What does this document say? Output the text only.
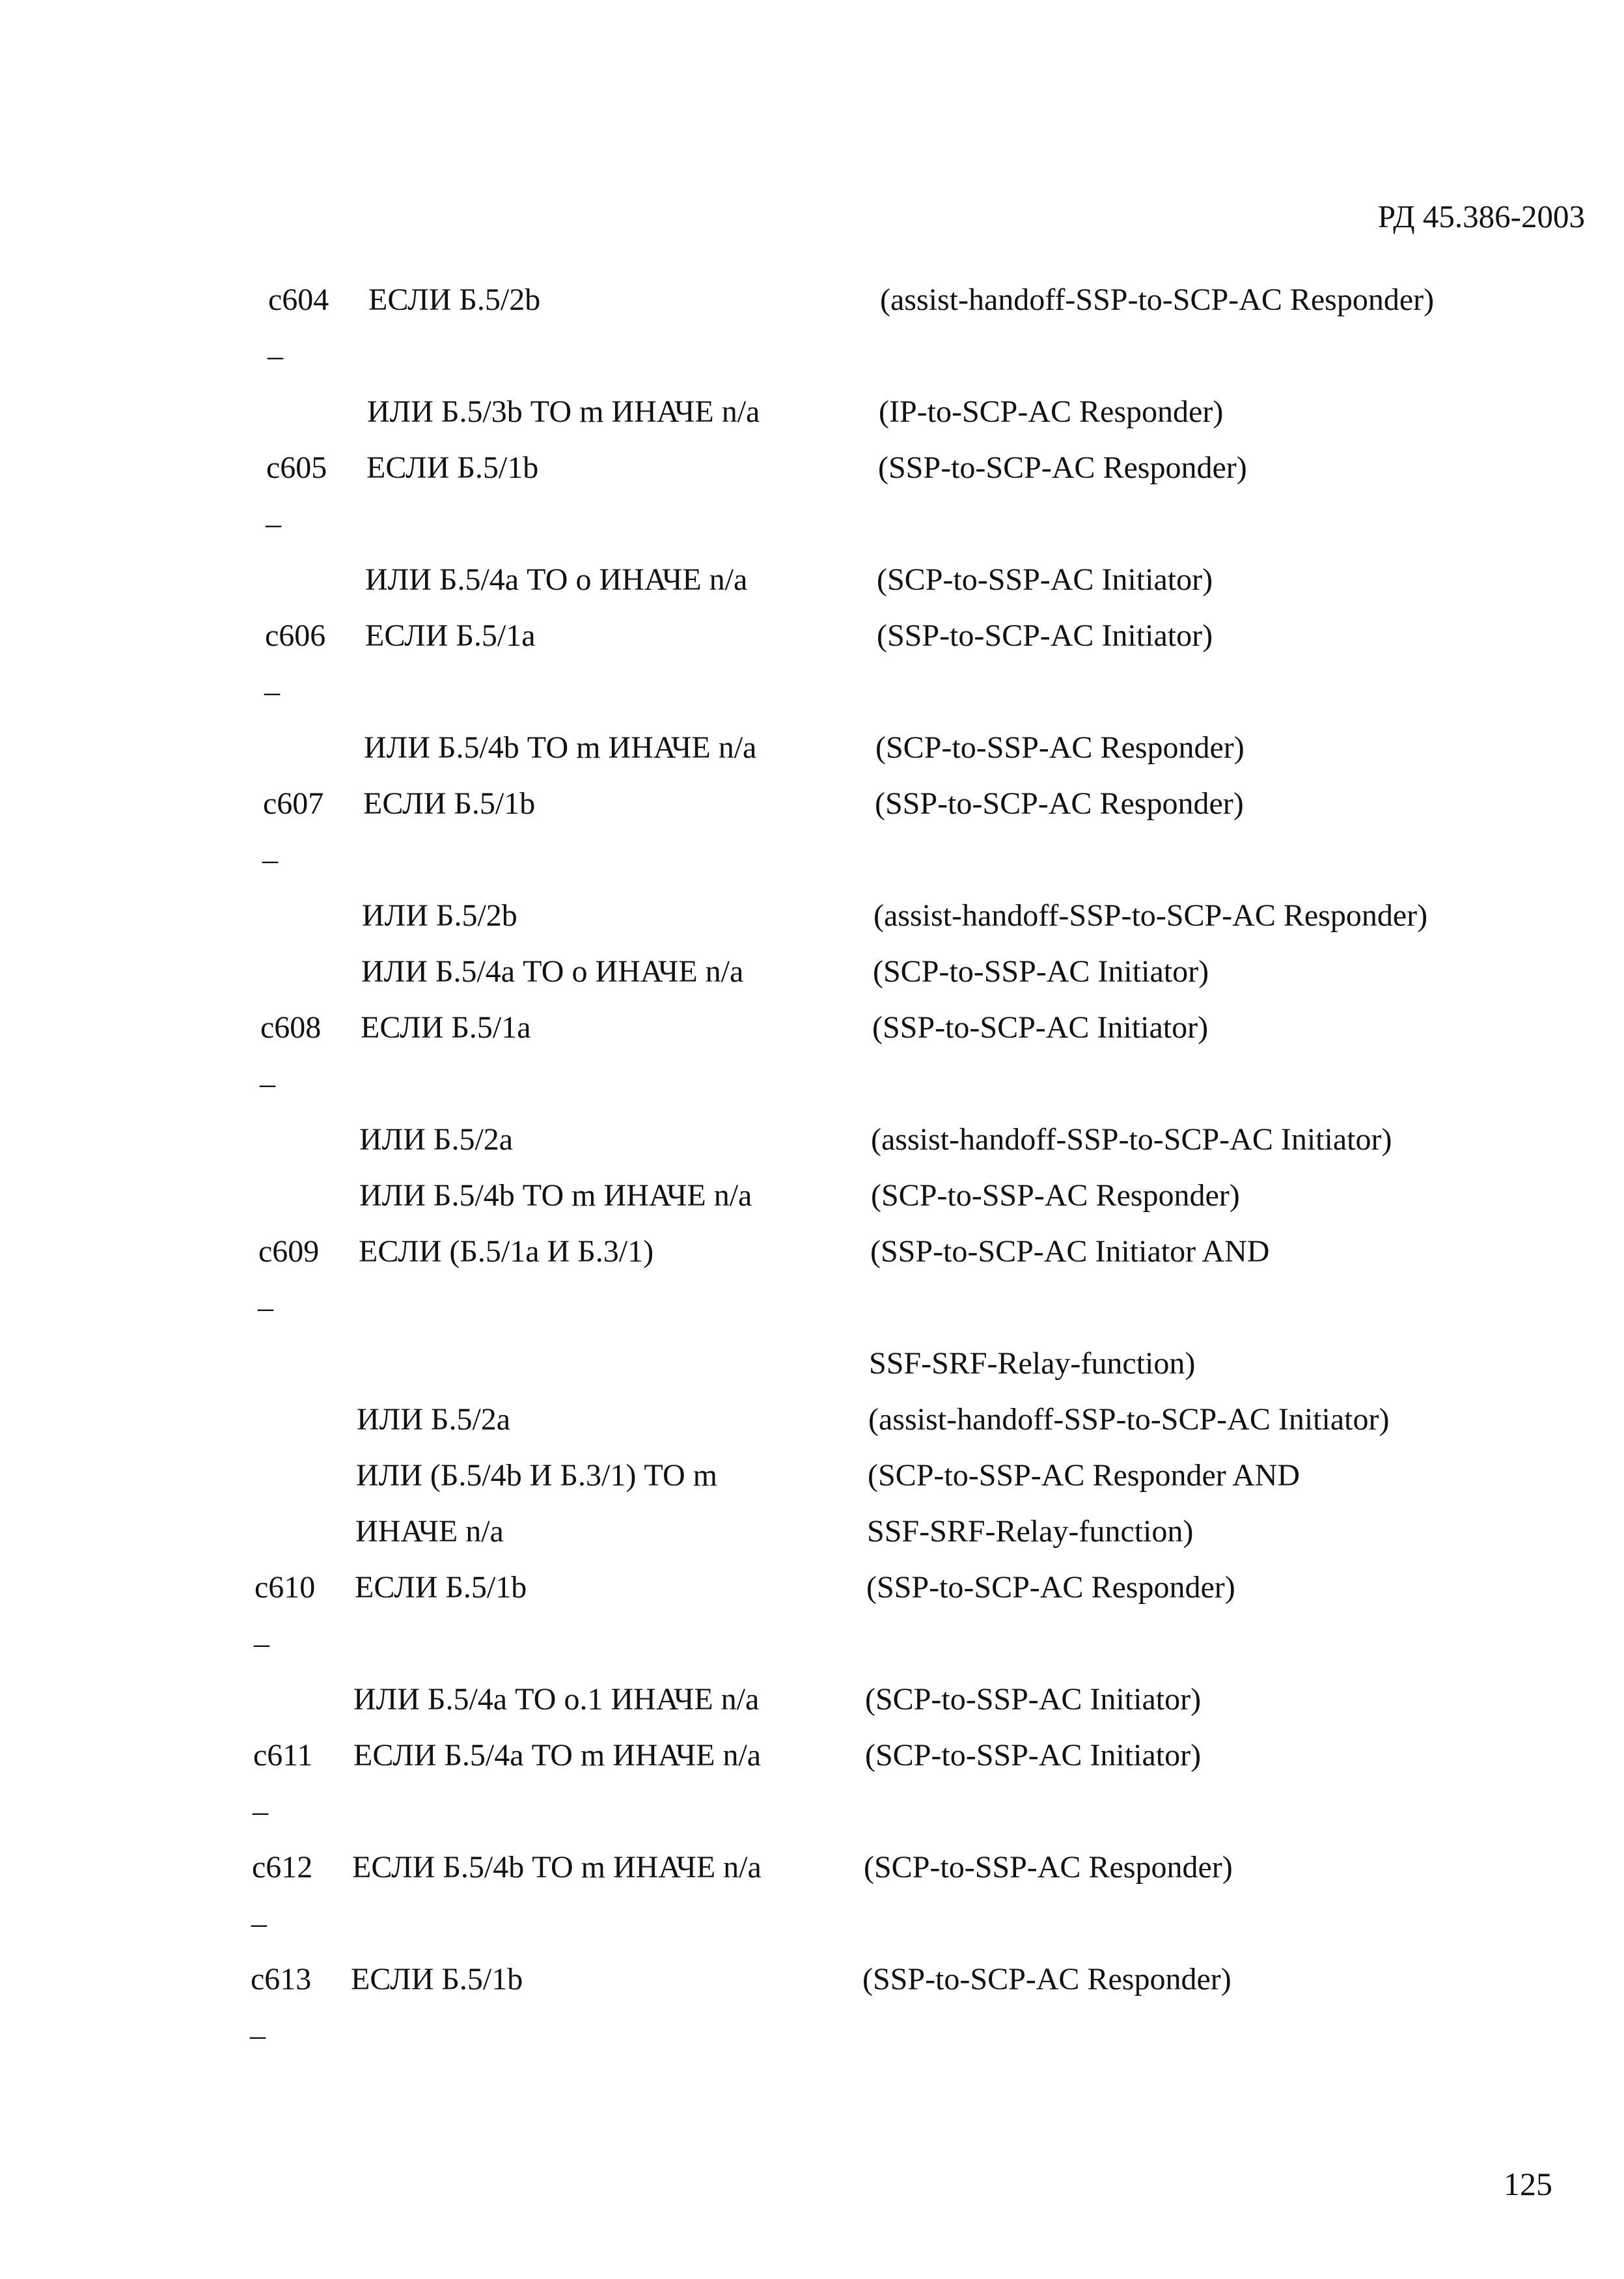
РД 45.386-2003
c604 ЕСЛИ Б.5/2b	(assist-handoff-SSP-to-SCP-AC Responder)
–
ИЛИ Б.5/3b ТО m ИНАЧЕ n/a	(IP-to-SCP-AC Responder)
c605 ЕСЛИ Б.5/1b	(SSP-to-SCP-AC Responder)
–
ИЛИ Б.5/4a ТО o ИНАЧЕ n/a	(SCP-to-SSP-AC Initiator)
c606 ЕСЛИ Б.5/1a	(SSP-to-SCP-AC Initiator)
–
ИЛИ Б.5/4b ТО m ИНАЧЕ n/a	(SCP-to-SSP-AC Responder)
c607 ЕСЛИ Б.5/1b	(SSP-to-SCP-AC Responder)
–
ИЛИ Б.5/2b	(assist-handoff-SSP-to-SCP-AC Responder)
ИЛИ Б.5/4a ТО o ИНАЧЕ n/a	(SCP-to-SSP-AC Initiator)
c608 ЕСЛИ Б.5/1a	(SSP-to-SCP-AC Initiator)
–
ИЛИ Б.5/2a	(assist-handoff-SSP-to-SCP-AC Initiator)
ИЛИ Б.5/4b ТО m ИНАЧЕ n/a	(SCP-to-SSP-AC Responder)
c609 ЕСЛИ (Б.5/1a И Б.3/1)	(SSP-to-SCP-AC Initiator AND
–
SSF-SRF-Relay-function)
ИЛИ Б.5/2a	(assist-handoff-SSP-to-SCP-AC Initiator)
ИЛИ (Б.5/4b И Б.3/1) ТО m	(SCP-to-SSP-AC Responder AND
ИНАЧЕ n/a	SSF-SRF-Relay-function)
c610 ЕСЛИ Б.5/1b	(SSP-to-SCP-AC Responder)
–
ИЛИ Б.5/4a ТО o.1 ИНАЧЕ n/a	(SCP-to-SSP-AC Initiator)
c611 ЕСЛИ Б.5/4a ТО m ИНАЧЕ n/a	(SCP-to-SSP-AC Initiator)
–
c612 ЕСЛИ Б.5/4b ТО m ИНАЧЕ n/a	(SCP-to-SSP-AC Responder)
–
c613 ЕСЛИ Б.5/1b	(SSP-to-SCP-AC Responder)
–
125
